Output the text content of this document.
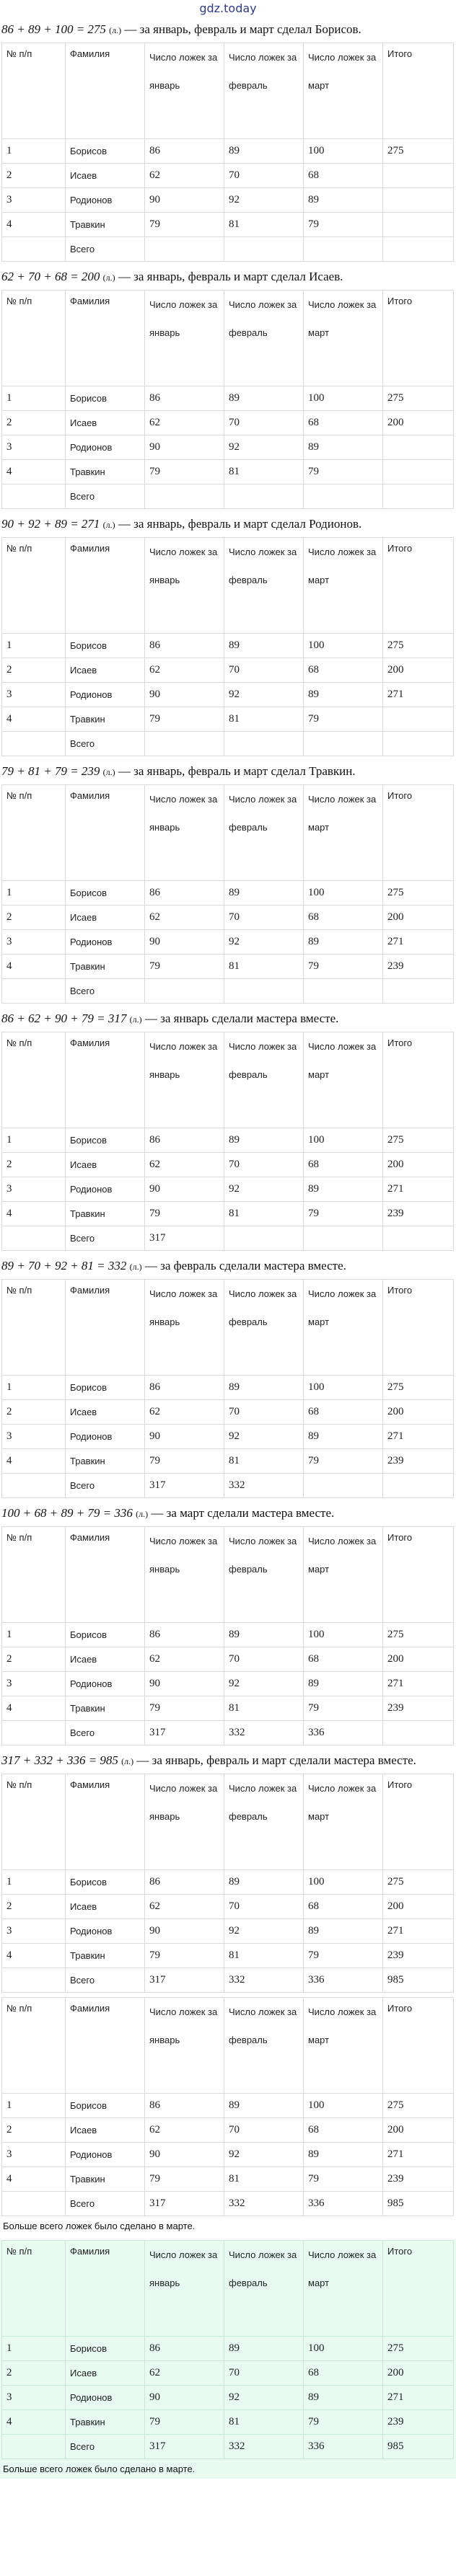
gdz.today
86 + 89 + 100 = 275 (л.) — за январь, февраль и март сделал Борисов.
№ п/п	Фамилия	Число ложек за январь	Число ложек за февраль	Число ложек за март	Итого
1	Борисов	86	89	100	275
2	Исаев	62	70	68	
3	Родионов	90	92	89	
4	Травкин	79	81	79	
	Всего				
62 + 70 + 68 = 200 (л.) — за январь, февраль и март сделал Исаев.
№ п/п	Фамилия	Число ложек за январь	Число ложек за февраль	Число ложек за март	Итого
1	Борисов	86	89	100	275
2	Исаев	62	70	68	200
3	Родионов	90	92	89	
4	Травкин	79	81	79	
	Всего				
90 + 92 + 89 = 271 (л.) — за январь, февраль и март сделал Родионов.
№ п/п	Фамилия	Число ложек за январь	Число ложек за февраль	Число ложек за март	Итого
1	Борисов	86	89	100	275
2	Исаев	62	70	68	200
3	Родионов	90	92	89	271
4	Травкин	79	81	79	
	Всего				
79 + 81 + 79 = 239 (л.) — за январь, февраль и март сделал Травкин.
№ п/п	Фамилия	Число ложек за январь	Число ложек за февраль	Число ложек за март	Итого
1	Борисов	86	89	100	275
2	Исаев	62	70	68	200
3	Родионов	90	92	89	271
4	Травкин	79	81	79	239
	Всего				
86 + 62 + 90 + 79 = 317 (л.) — за январь сделали мастера вместе.
№ п/п	Фамилия	Число ложек за январь	Число ложек за февраль	Число ложек за март	Итого
1	Борисов	86	89	100	275
2	Исаев	62	70	68	200
3	Родионов	90	92	89	271
4	Травкин	79	81	79	239
	Всего	317			
89 + 70 + 92 + 81 = 332 (л.) — за февраль сделали мастера вместе.
№ п/п	Фамилия	Число ложек за январь	Число ложек за февраль	Число ложек за март	Итого
1	Борисов	86	89	100	275
2	Исаев	62	70	68	200
3	Родионов	90	92	89	271
4	Травкин	79	81	79	239
	Всего	317	332		
100 + 68 + 89 + 79 = 336 (л.) — за март сделали мастера вместе.
№ п/п	Фамилия	Число ложек за январь	Число ложек за февраль	Число ложек за март	Итого
1	Борисов	86	89	100	275
2	Исаев	62	70	68	200
3	Родионов	90	92	89	271
4	Травкин	79	81	79	239
	Всего	317	332	336	
317 + 332 + 336 = 985 (л.) — за январь, февраль и март сделали мастера вместе.
№ п/п	Фамилия	Число ложек за январь	Число ложек за февраль	Число ложек за март	Итого
1	Борисов	86	89	100	275
2	Исаев	62	70	68	200
3	Родионов	90	92	89	271
4	Травкин	79	81	79	239
	Всего	317	332	336	985
№ п/п	Фамилия	Число ложек за январь	Число ложек за февраль	Число ложек за март	Итого
1	Борисов	86	89	100	275
2	Исаев	62	70	68	200
3	Родионов	90	92	89	271
4	Травкин	79	81	79	239
	Всего	317	332	336	985
Больше всего ложек было сделано в марте.
№ п/п	Фамилия	Число ложек за январь	Число ложек за февраль	Число ложек за март	Итого
1	Борисов	86	89	100	275
2	Исаев	62	70	68	200
3	Родионов	90	92	89	271
4	Травкин	79	81	79	239
	Всего	317	332	336	985
Больше всего ложек было сделано в марте.
